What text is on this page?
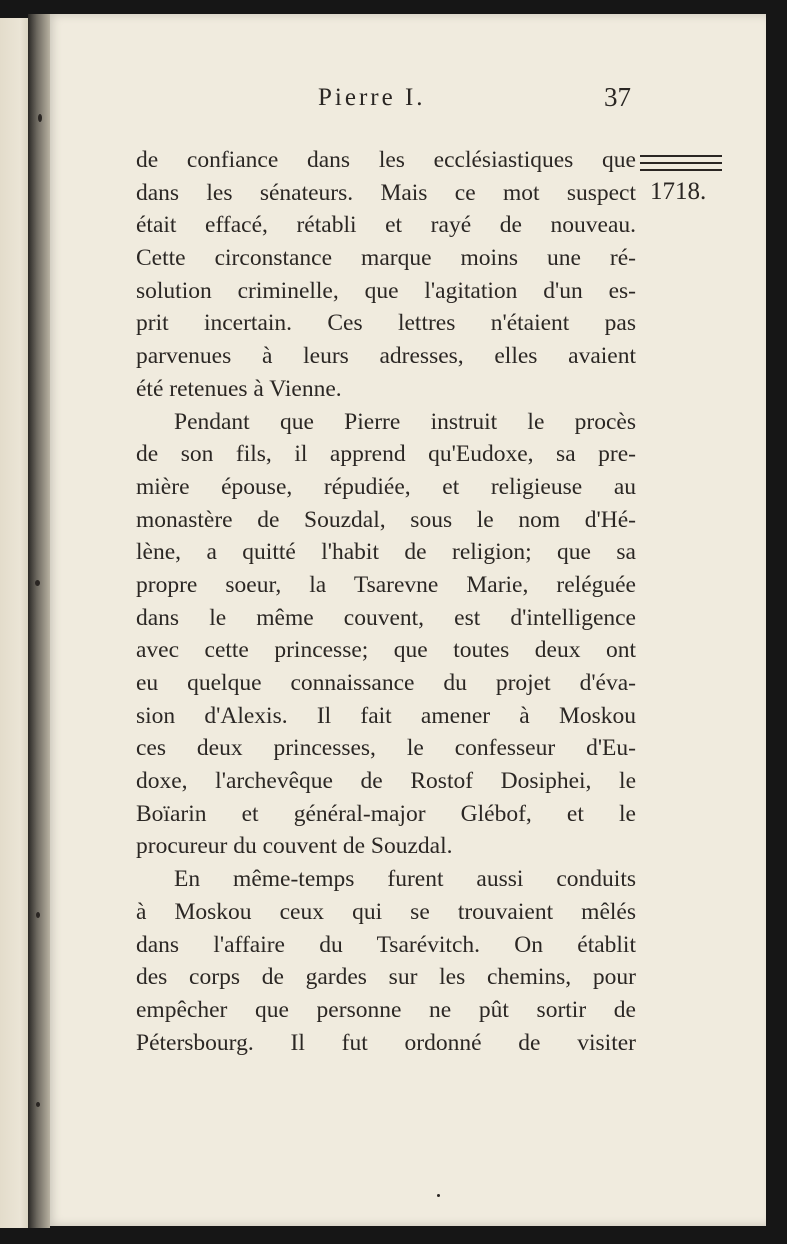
Pierre I.	37
1718.
de confiance dans les ecclésiastiques que
dans les sénateurs. Mais ce mot suspect
était effacé, rétabli et rayé de nouveau.
Cette circonstance marque moins une ré-
solution criminelle, que l'agitation d'un es-
prit incertain. Ces lettres n'étaient pas
parvenues à leurs adresses, elles avaient
été retenues à Vienne.
Pendant que Pierre instruit le procès
de son fils, il apprend qu'Eudoxe, sa pre-
mière épouse, répudiée, et religieuse au
monastère de Souzdal, sous le nom d'Hé-
lène, a quitté l'habit de religion; que sa
propre soeur, la Tsarevne Marie, reléguée
dans le même couvent, est d'intelligence
avec cette princesse; que toutes deux ont
eu quelque connaissance du projet d'éva-
sion d'Alexis. Il fait amener à Moskou
ces deux princesses, le confesseur d'Eu-
doxe, l'archevêque de Rostof Dosiphei, le
Boïarin et général-major Glébof, et le
procureur du couvent de Souzdal.
En même-temps furent aussi conduits
à Moskou ceux qui se trouvaient mêlés
dans l'affaire du Tsarévitch. On établit
des corps de gardes sur les chemins, pour
empêcher que personne ne pût sortir de
Pétersbourg. Il fut ordonné de visiter
